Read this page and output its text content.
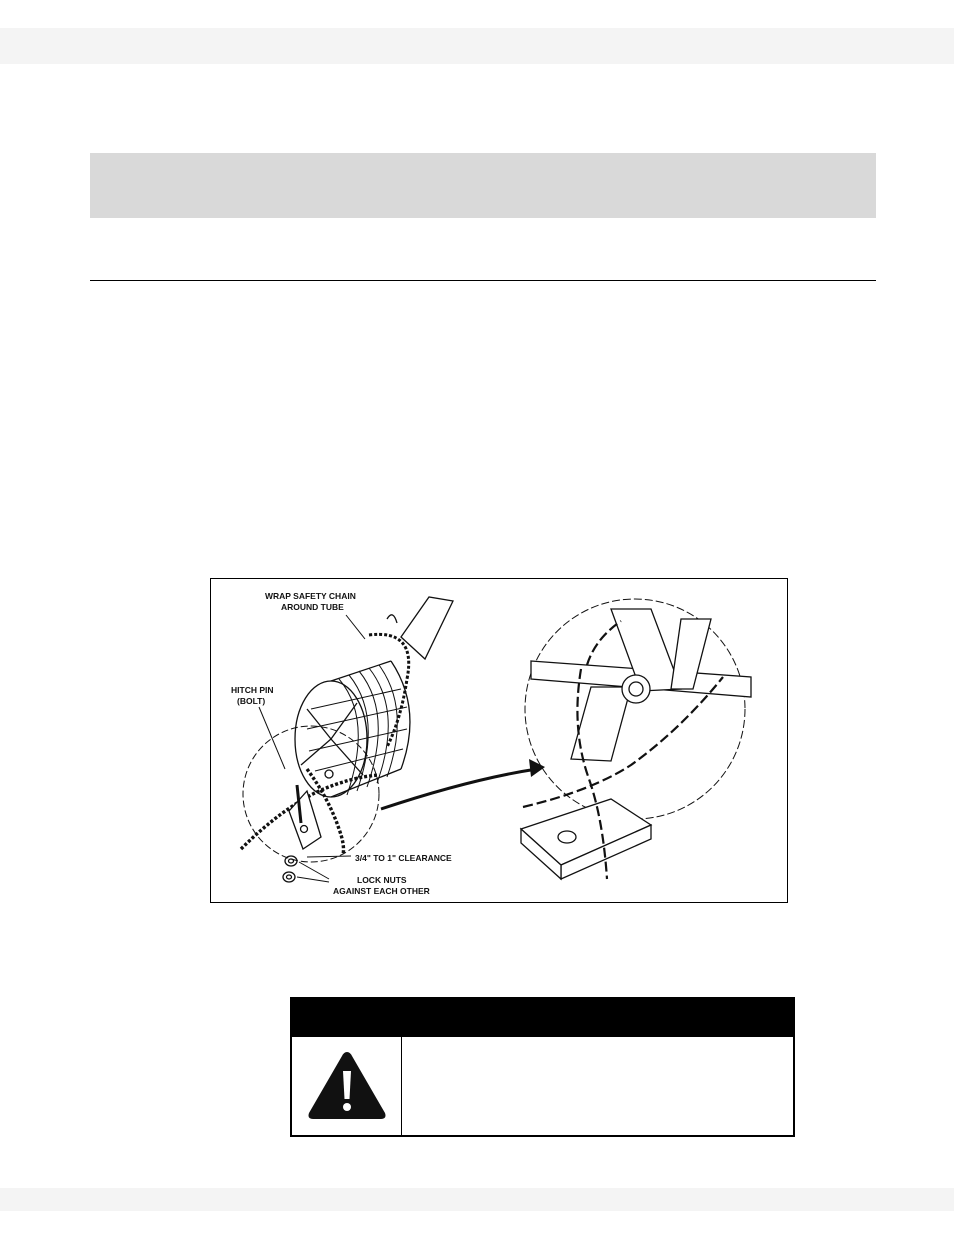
WRAP SAFETY CHAIN
AROUND TUBE
HITCH PIN
(BOLT)
3/4" TO 1" CLEARANCE
LOCK NUTS
AGAINST EACH OTHER
